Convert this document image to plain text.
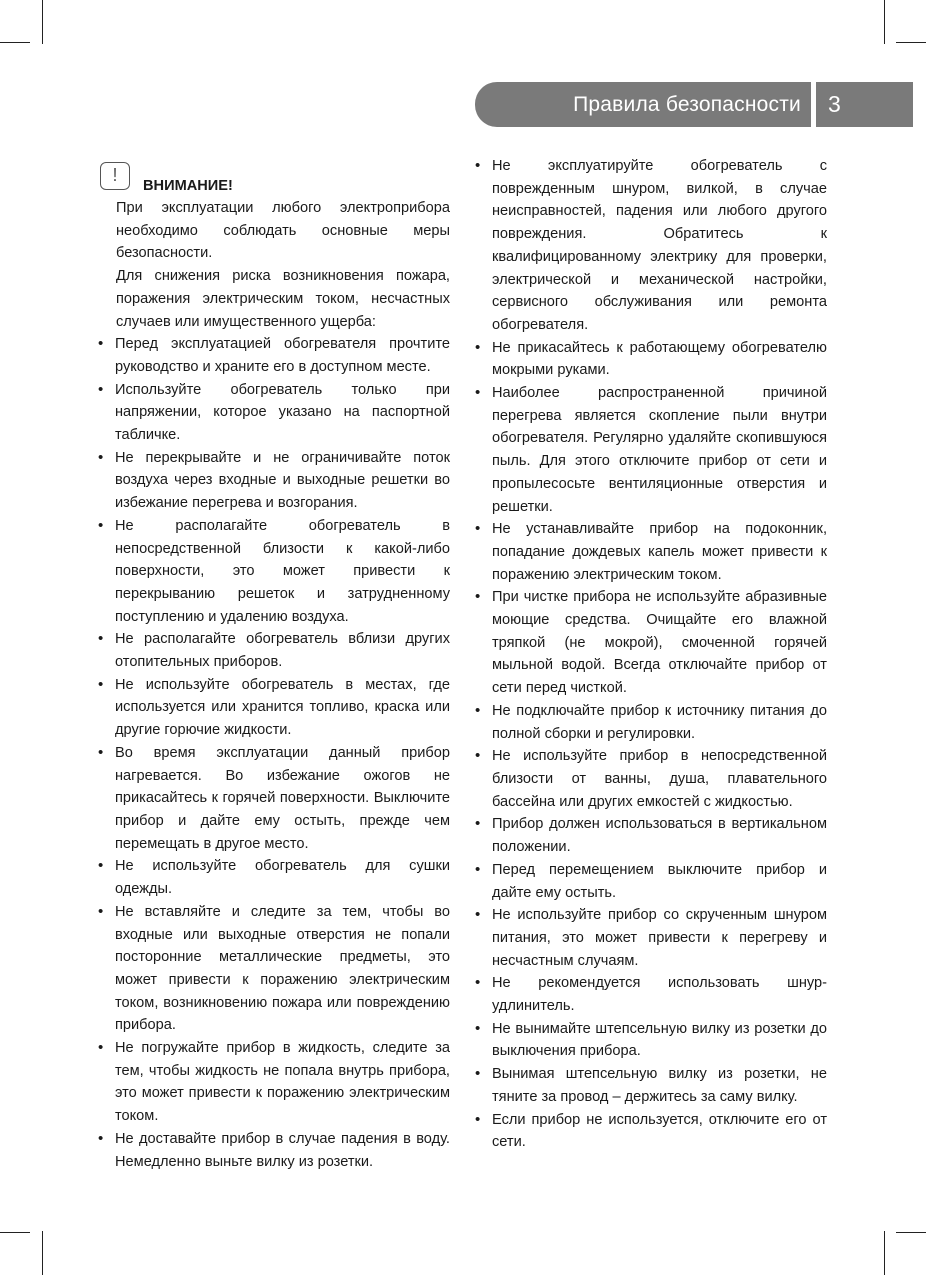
Правила безопасности 3
!
ВНИМАНИЕ!

При эксплуатации любого электроприбора необходимо соблюдать основные меры безопасности.

Для снижения риска возникновения пожара, поражения электрическим током, несчастных случаев или имущественного ущерба:

• Перед эксплуатацией обогревателя прочтите руководство и храните его в доступном месте.
• Используйте обогреватель только при напряжении, которое указано на паспортной табличке.
• Не перекрывайте и не ограничивайте поток воздуха через входные и выходные решетки во избежание перегрева и возгорания.
• Не располагайте обогреватель в непосредственной близости к какой-либо поверхности, это может привести к перекрыванию решеток и затрудненному поступлению и удалению воздуха.
• Не располагайте обогреватель вблизи других отопительных приборов.
• Не используйте обогреватель в местах, где используется или хранится топливо, краска или другие горючие жидкости.
• Во время эксплуатации данный прибор нагревается. Во избежание ожогов не прикасайтесь к горячей поверхности. Выключите прибор и дайте ему остыть, прежде чем перемещать в другое место.
• Не используйте обогреватель для сушки одежды.
• Не вставляйте и следите за тем, чтобы во входные или выходные отверстия не попали посторонние металлические предметы, это может привести к поражению электрическим током, возникновению пожара или повреждению прибора.
• Не погружайте прибор в жидкость, следите за тем, чтобы жидкость не попала внутрь прибора, это может привести к поражению электрическим током.
• Не доставайте прибор в случае падения в воду. Немедленно выньте вилку из розетки.
• Не эксплуатируйте обогреватель с поврежденным шнуром, вилкой, в случае неисправностей, падения или любого другого повреждения. Обратитесь к квалифицированному электрику для проверки, электрической и механической настройки, сервисного обслуживания или ремонта обогревателя.
• Не прикасайтесь к работающему обогревателю мокрыми руками.
• Наиболее распространенной причиной перегрева является скопление пыли внутри обогревателя. Регулярно удаляйте скопившуюся пыль. Для этого отключите прибор от сети и пропылесосьте вентиляционные отверстия и решетки.
• Не устанавливайте прибор на подоконник, попадание дождевых капель может привести к поражению электрическим током.
• При чистке прибора не используйте абразивные моющие средства. Очищайте его влажной тряпкой (не мокрой), смоченной горячей мыльной водой. Всегда отключайте прибор от сети перед чисткой.
• Не подключайте прибор к источнику питания до полной сборки и регулировки.
• Не используйте прибор в непосредственной близости от ванны, душа, плавательного бассейна или других емкостей с жидкостью.
• Прибор должен использоваться в вертикальном положении.
• Перед перемещением выключите прибор и дайте ему остыть.
• Не используйте прибор со скрученным шнуром питания, это может привести к перегреву и несчастным случаям.
• Не рекомендуется использовать шнур-удлинитель.
• Не вынимайте штепсельную вилку из розетки до выключения прибора.
• Вынимая штепсельную вилку из розетки, не тяните за провод – держитесь за саму вилку.
• Если прибор не используется, отключите его от сети.
